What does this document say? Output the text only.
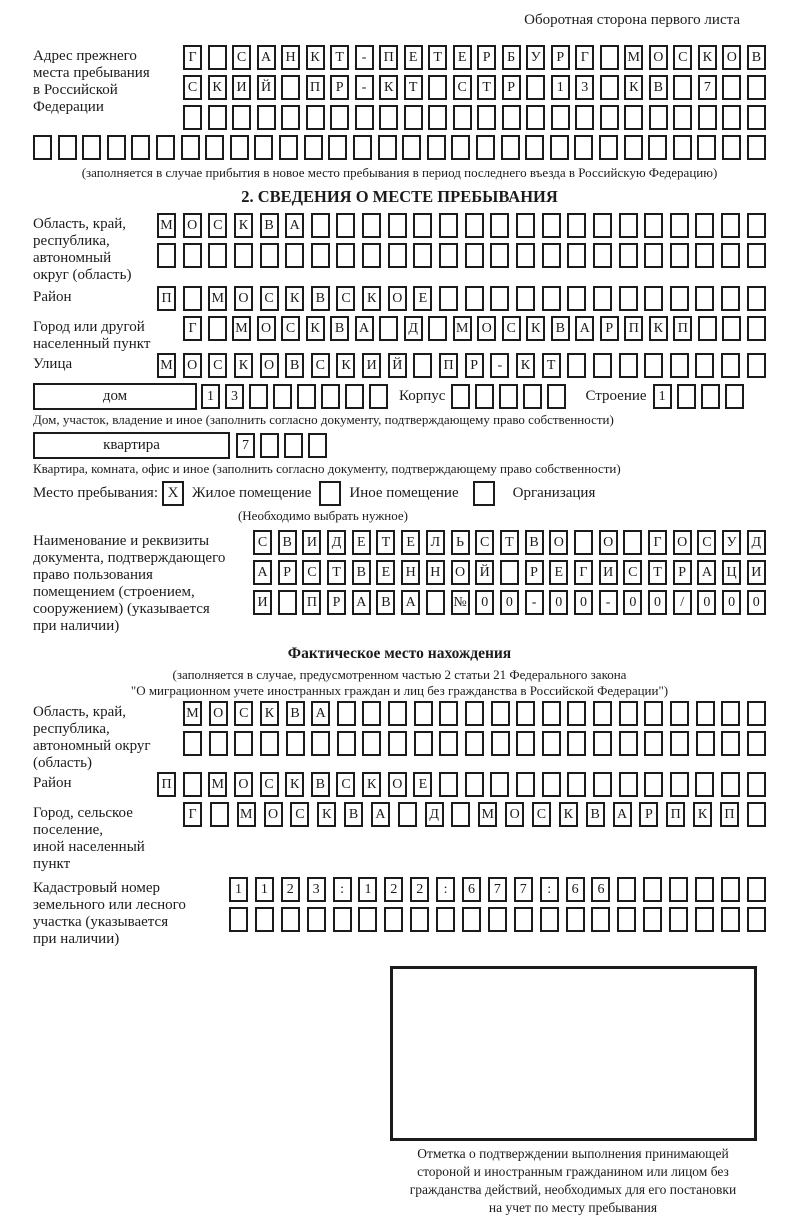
Оборотная сторона первого листа
Адрес прежнего
места пребывания
в Российской
Федерации
Г	С	А	Н	К	Т	-	П	Е	Т	Е	Р	Б	У	Р	Г	М О	С	К	О	В
С	К	И	Й	П	Р	-	К	Т	С	Т	Р	1	3	К	В	7
(заполняется в случае прибытия в новое место пребывания в период последнего въезда в Российскую Федерацию)
2. СВЕДЕНИЯ О МЕСТЕ ПРЕБЫВАНИЯ
Область, край,
республика,
автономный
округ (область)
М	О	С	К	В	А
Район	П	М	О	С	К	В	С	К	О	Е
Город или другой
населенный пункт
Г	М О	С	К	В	А	Д	М О	С	К	В	А	Р	П	К	П
Улица	М	О	С	К	О	В	С	К	И	Й	П	Р	-	К	Т
дом	1	3	Корпус	Строение 1
Дом, участок, владение и иное (заполнить согласно документу, подтверждающему право собственности)
квартира	7
Квартира, комната, офис и иное (заполнить согласно документу, подтверждающему право собственности)
Место пребывания: X Жилое помещение	Иное помещение	Организация
(Необходимо выбрать нужное)
Наименование и реквизиты
документа, подтверждающего
право пользования
помещением (строением,
сооружением) (указывается
при наличии)
С	В	И	Д	Е	Т	Е	Л	Ь	С	Т	В	О	О	Г	О	С	У	Д
А	Р	С	Т	В	Е	Н	Н	О	Й	Р	Е	Г	И	С	Т	Р	А	Ц	И
И	П	Р	А	В	А	№	0	0	-	0	0	-	0	0	/	0	0	0
Фактическое место нахождения
(заполняется в случае, предусмотренном частью 2 статьи 21 Федерального закона
"О миграционном учете иностранных граждан и лиц без гражданства в Российской Федерации")
Область, край,
республика,
автономный округ
(область)
М	О	С	К	В	А
Район	П	М	О	С	К	В	С	К	О	Е
Город, сельское поселение,
иной населенный пункт
Г	М	О	С	К	В	А	Д	М	О	С	К	В	А	Р	П	К	П
Кадастровый номер
земельного или лесного
участка (указывается
при наличии)
1	1	2	3	:	1	2	2	:	6	7	7	:	6	6
Отметка о подтверждении выполнения принимающей
стороной и иностранным гражданином или лицом без
гражданства действий, необходимых для его постановки
на учет по месту пребывания
